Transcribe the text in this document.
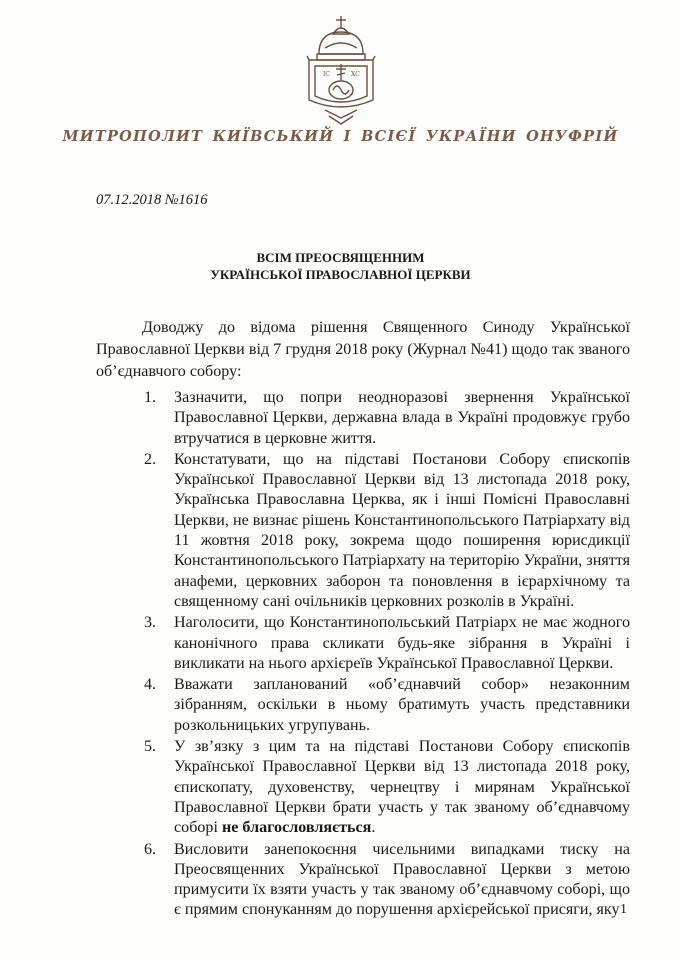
ІС	ХС
МИТРОПОЛИТ КИЇВСЬКИЙ І ВСІЄЇ УКРАЇНИ ОНУФРІЙ
07.12.2018 №1616
ВСІМ ПРЕОСВЯЩЕННИМ
УКРАЇНСЬКОЇ ПРАВОСЛАВНОЇ ЦЕРКВИ
Доводжу до відома рішення Священного Синоду Української Православної Церкви від 7 грудня 2018 року (Журнал №41) щодо так званого об’єднавчого собору:
1. Зазначити, що попри неодноразові звернення Української Православної Церкви, державна влада в Україні продовжує грубо втручатися в церковне життя.
2. Констатувати, що на підставі Постанови Собору єпископів Української Православної Церкви від 13 листопада 2018 року, Українська Православна Церква, як і інші Помісні Православні Церкви, не визнає рішень Константинопольського Патріархату від 11 жовтня 2018 року, зокрема щодо поширення юрисдикції Константинопольського Патріархату на територію України, зняття анафеми, церковних заборон та поновлення в ієрархічному та священному сані очільників церковних розколів в Україні.
3. Наголосити, що Константинопольський Патріарх не має жодного канонічного права скликати будь-яке зібрання в Україні і викликати на нього архієреїв Української Православної Церкви.
4. Вважати запланований «об’єднавчий собор» незаконним зібранням, оскільки в ньому братимуть участь представники розкольницьких угрупувань.
5. У зв’язку з цим та на підставі Постанови Собору єпископів Української Православної Церкви від 13 листопада 2018 року, єпископату, духовенству, чернецтву і мирянам Української Православної Церкви брати участь у так званому об’єднавчому соборі не благословляється.
6. Висловити занепокоєння чисельними випадками тиску на Преосвященних Української Православної Церкви з метою примусити їх взяти участь у так званому об’єднавчому соборі, що є прямим спонуканням до порушення архієрейської присяги, яку 1
